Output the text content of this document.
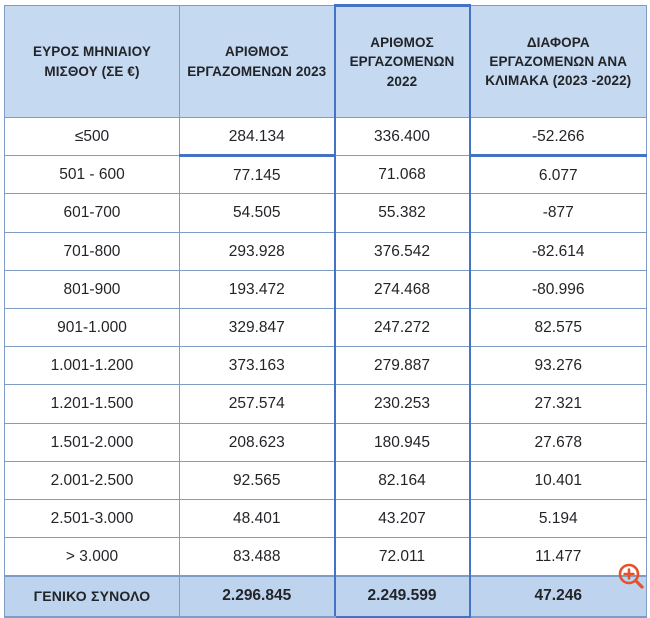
ΕΥΡΟΣ ΜΗΝΙΑΙΟΥ ΜΙΣΘΟΥ (ΣΕ €)	ΑΡΙΘΜΟΣ ΕΡΓΑΖΟΜΕΝΩΝ 2023	ΑΡΙΘΜΟΣ ΕΡΓΑΖΟΜΕΝΩΝ 2022	ΔΙΑΦΟΡΑ ΕΡΓΑΖΟΜΕΝΩΝ ΑΝΑ ΚΛΙΜΑΚΑ (2023 -2022)
≤500	284.134	336.400	-52.266
501 - 600	77.145	71.068	6.077
601-700	54.505	55.382	-877
701-800	293.928	376.542	-82.614
801-900	193.472	274.468	-80.996
901-1.000	329.847	247.272	82.575
1.001-1.200	373.163	279.887	93.276
1.201-1.500	257.574	230.253	27.321
1.501-2.000	208.623	180.945	27.678
2.001-2.500	92.565	82.164	10.401
2.501-3.000	48.401	43.207	5.194
> 3.000	83.488	72.011	11.477
ΓΕΝΙΚΟ ΣΥΝΟΛΟ	2.296.845	2.249.599	47.246
